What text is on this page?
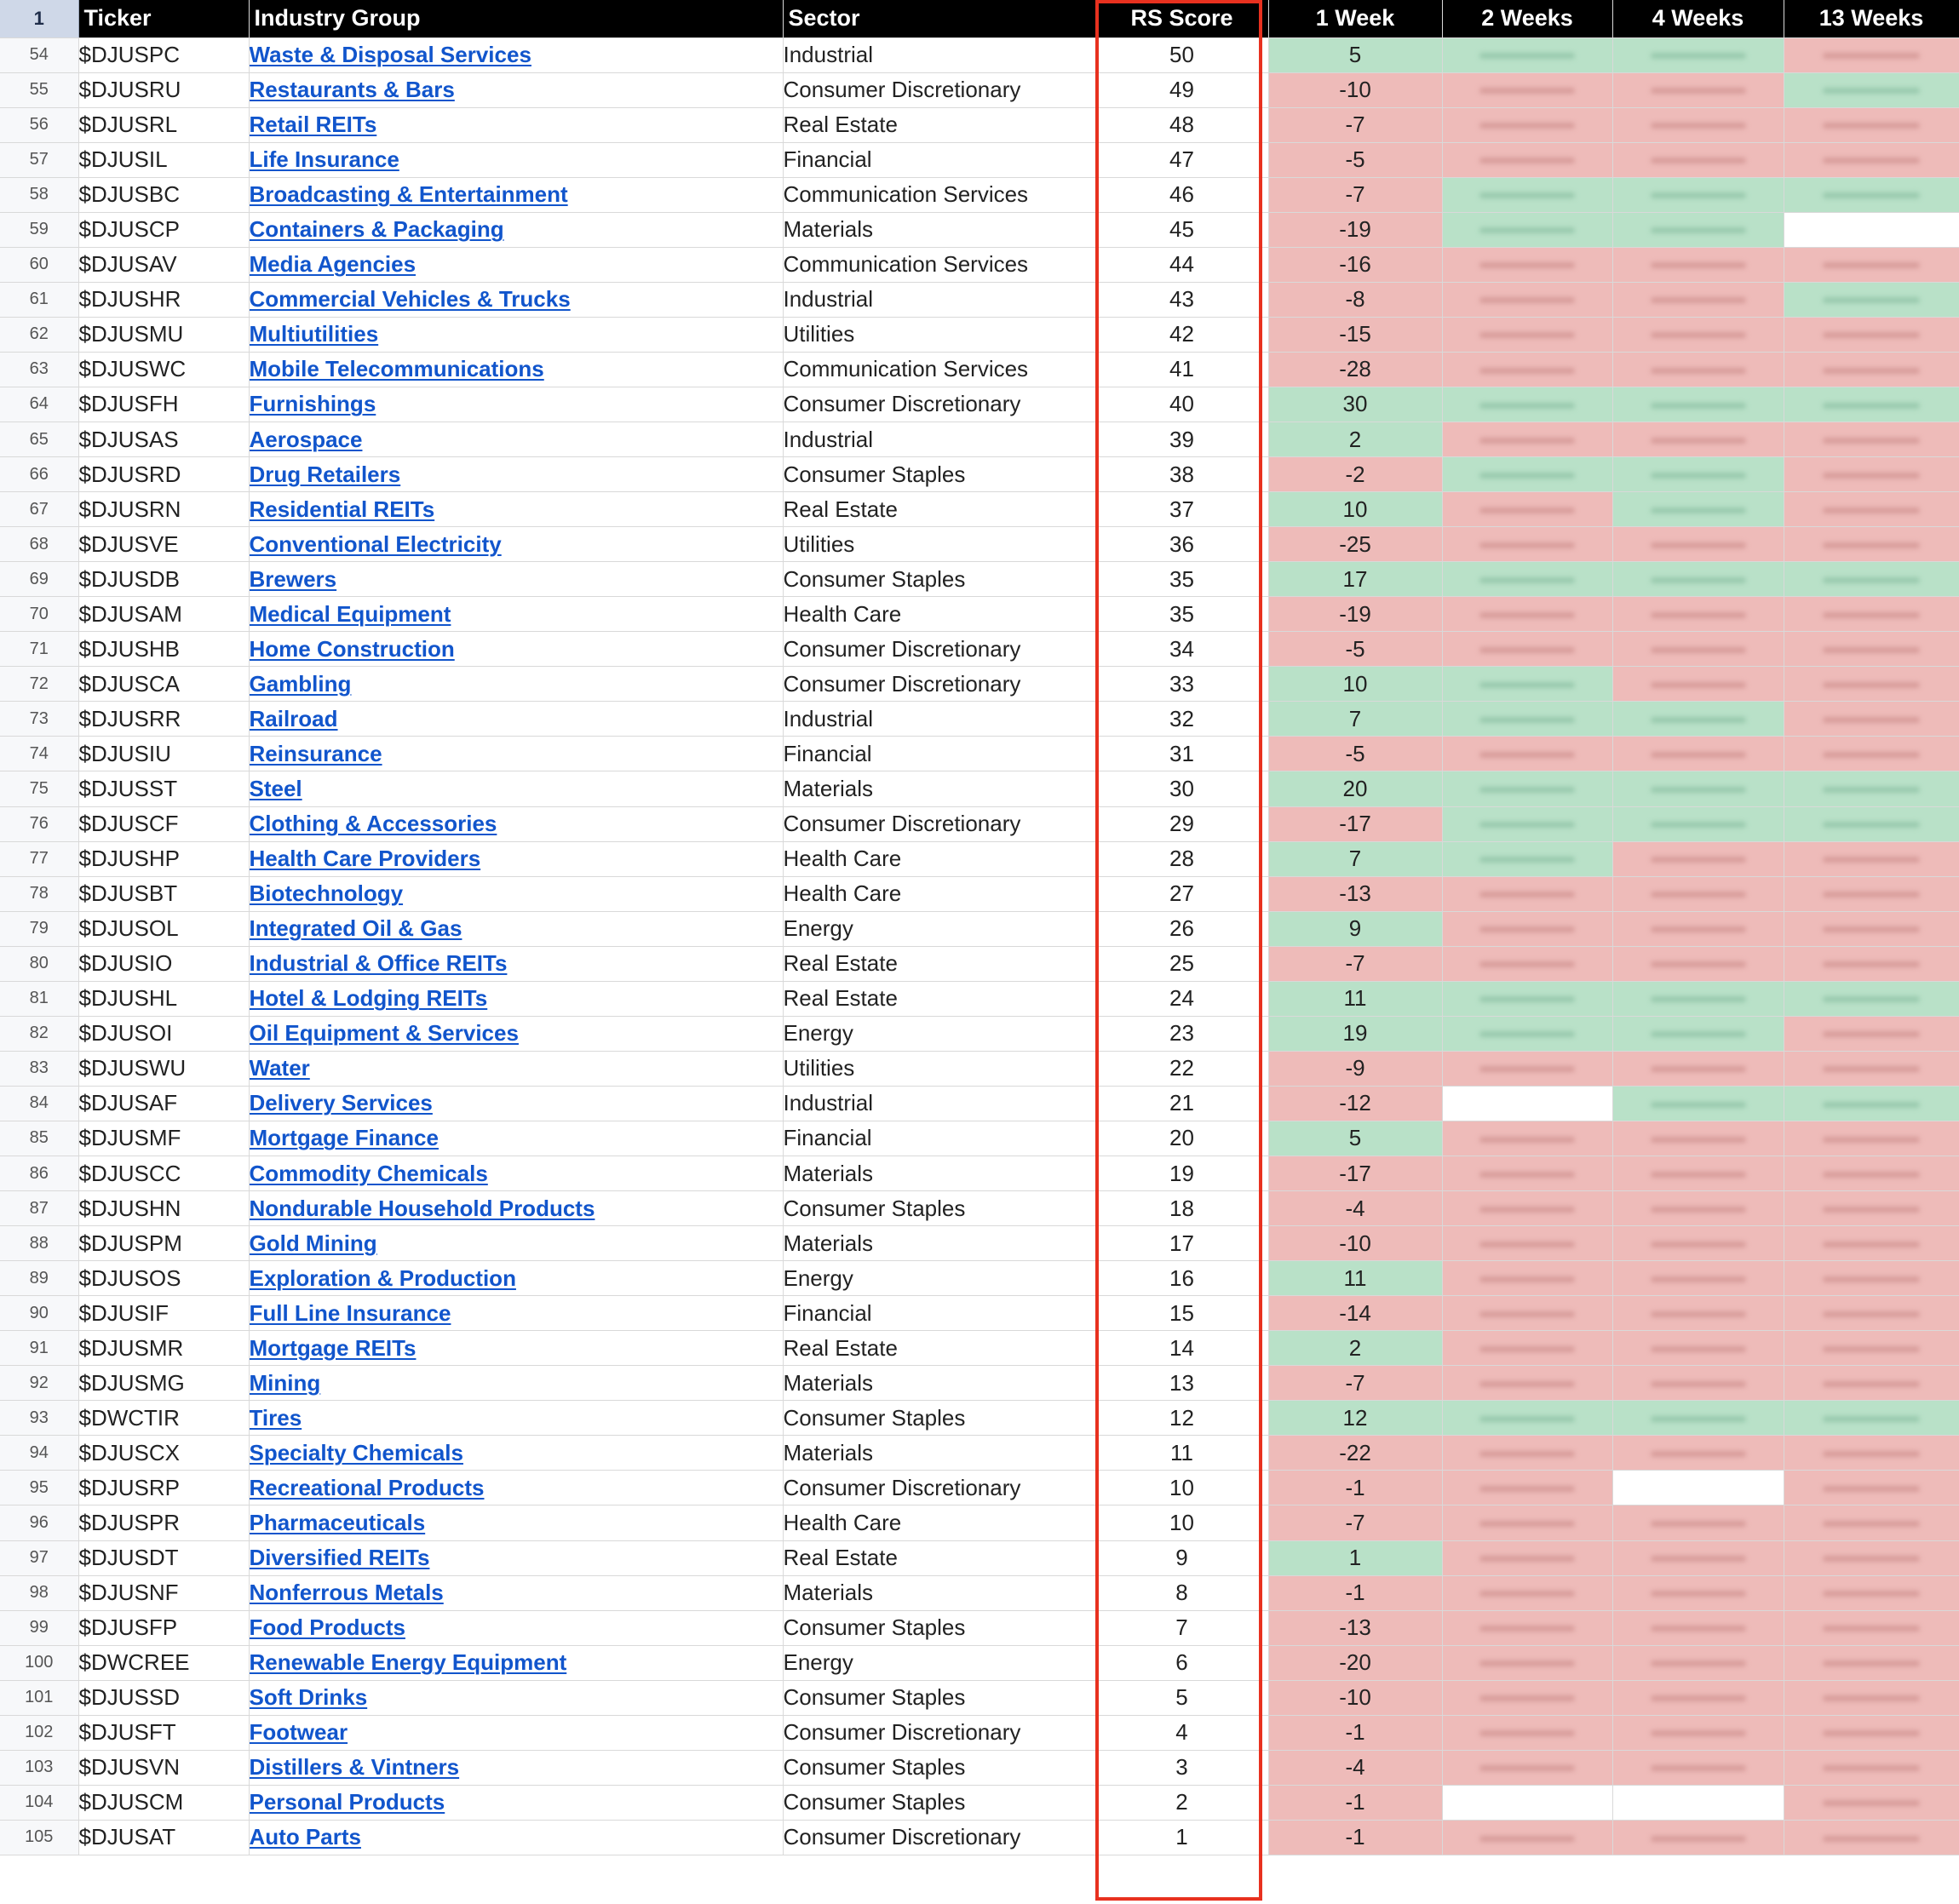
1	Ticker	Industry Group	Sector	RS Score	1 Week	2 Weeks	4 Weeks	13 Weeks
54	$DJUSPC	Waste & Disposal Services	Industrial	50	5	

55	$DJUSRU	Restaurants & Bars	Consumer Discretionary	49	-10	

56	$DJUSRL	Retail REITs	Real Estate	48	-7	

57	$DJUSIL	Life Insurance	Financial	47	-5	

58	$DJUSBC	Broadcasting & Entertainment	Communication Services	46	-7	

59	$DJUSCP	Containers & Packaging	Materials	45	-19	

60	$DJUSAV	Media Agencies	Communication Services	44	-16	

61	$DJUSHR	Commercial Vehicles & Trucks	Industrial	43	-8	

62	$DJUSMU	Multiutilities	Utilities	42	-15	

63	$DJUSWC	Mobile Telecommunications	Communication Services	41	-28	

64	$DJUSFH	Furnishings	Consumer Discretionary	40	30	

65	$DJUSAS	Aerospace	Industrial	39	2	

66	$DJUSRD	Drug Retailers	Consumer Staples	38	-2	

67	$DJUSRN	Residential REITs	Real Estate	37	10	

68	$DJUSVE	Conventional Electricity	Utilities	36	-25	

69	$DJUSDB	Brewers	Consumer Staples	35	17	

70	$DJUSAM	Medical Equipment	Health Care	35	-19	

71	$DJUSHB	Home Construction	Consumer Discretionary	34	-5	

72	$DJUSCA	Gambling	Consumer Discretionary	33	10	

73	$DJUSRR	Railroad	Industrial	32	7	

74	$DJUSIU	Reinsurance	Financial	31	-5	

75	$DJUSST	Steel	Materials	30	20	

76	$DJUSCF	Clothing & Accessories	Consumer Discretionary	29	-17	

77	$DJUSHP	Health Care Providers	Health Care	28	7	

78	$DJUSBT	Biotechnology	Health Care	27	-13	

79	$DJUSOL	Integrated Oil & Gas	Energy	26	9	

80	$DJUSIO	Industrial & Office REITs	Real Estate	25	-7	

81	$DJUSHL	Hotel & Lodging REITs	Real Estate	24	11	

82	$DJUSOI	Oil Equipment & Services	Energy	23	19	

83	$DJUSWU	Water	Utilities	22	-9	

84	$DJUSAF	Delivery Services	Industrial	21	-12		

85	$DJUSMF	Mortgage Finance	Financial	20	5	

86	$DJUSCC	Commodity Chemicals	Materials	19	-17	

87	$DJUSHN	Nondurable Household Products	Consumer Staples	18	-4	

88	$DJUSPM	Gold Mining	Materials	17	-10	

89	$DJUSOS	Exploration & Production	Energy	16	11	

90	$DJUSIF	Full Line Insurance	Financial	15	-14	

91	$DJUSMR	Mortgage REITs	Real Estate	14	2	

92	$DJUSMG	Mining	Materials	13	-7	

93	$DWCTIR	Tires	Consumer Staples	12	12	

94	$DJUSCX	Specialty Chemicals	Materials	11	-22	

95	$DJUSRP	Recreational Products	Consumer Discretionary	10	-1	

96	$DJUSPR	Pharmaceuticals	Health Care	10	-7	

97	$DJUSDT	Diversified REITs	Real Estate	9	1	

98	$DJUSNF	Nonferrous Metals	Materials	8	-1	

99	$DJUSFP	Food Products	Consumer Staples	7	-13	

100	$DWCREE	Renewable Energy Equipment	Energy	6	-20	

101	$DJUSSD	Soft Drinks	Consumer Staples	5	-10	

102	$DJUSFT	Footwear	Consumer Discretionary	4	-1	

103	$DJUSVN	Distillers & Vintners	Consumer Staples	3	-4	

104	$DJUSCM	Personal Products	Consumer Staples	2	-1			

105	$DJUSAT	Auto Parts	Consumer Discretionary	1	-1	
